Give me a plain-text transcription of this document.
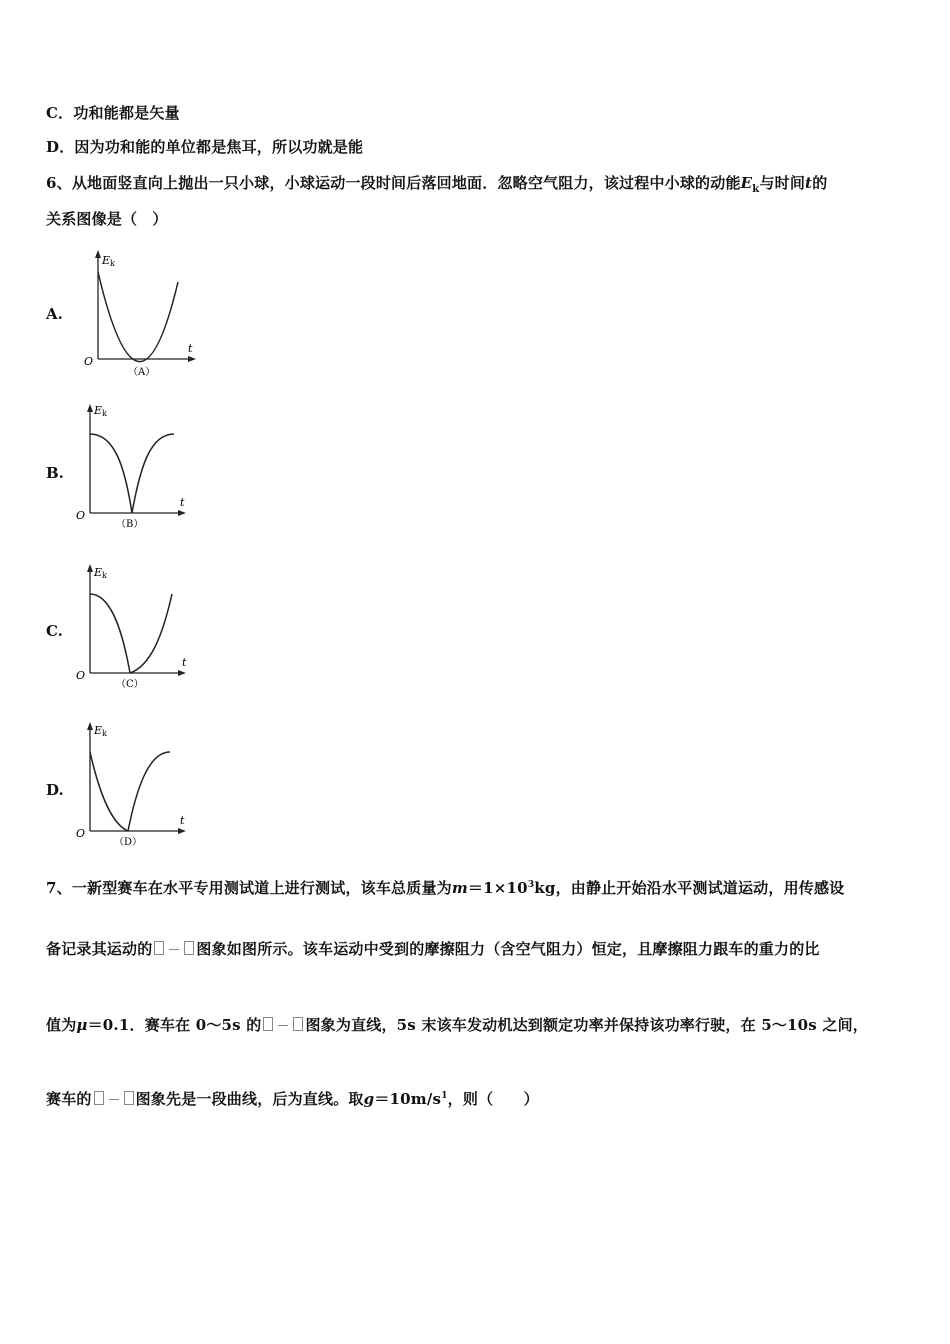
C．功和能都是矢量
D．因为功和能的单位都是焦耳，所以功就是能
6、从地面竖直向上抛出一只小球，小球运动一段时间后落回地面．忽略空气阻力，该过程中小球的动能$E_k$与时间t的
关系图像是（　）
A.
E k
t
O
（A）
B.
E k
t
O
（B）
C.
E k
t
O
（C）
D.
E k
t
O
（D）
7、一新型赛车在水平专用测试道上进行测试，该车总质量为$m=1\times 10^3kg$，由静止开始沿水平测试道运动，用传感设
备记录其运动的	图象如图所示。该车运动中受到的摩擦阻力（含空气阻力）恒定，且摩擦阻力跟车的重力的比
值为μ＝0.1．赛车在 0～5s 的	图象为直线，5s 末该车发动机达到额定功率并保持该功率行驶，在 5～10s 之间，
赛车的	图象先是一段曲线，后为直线。取$g=10m/s^1$，则（　　）
